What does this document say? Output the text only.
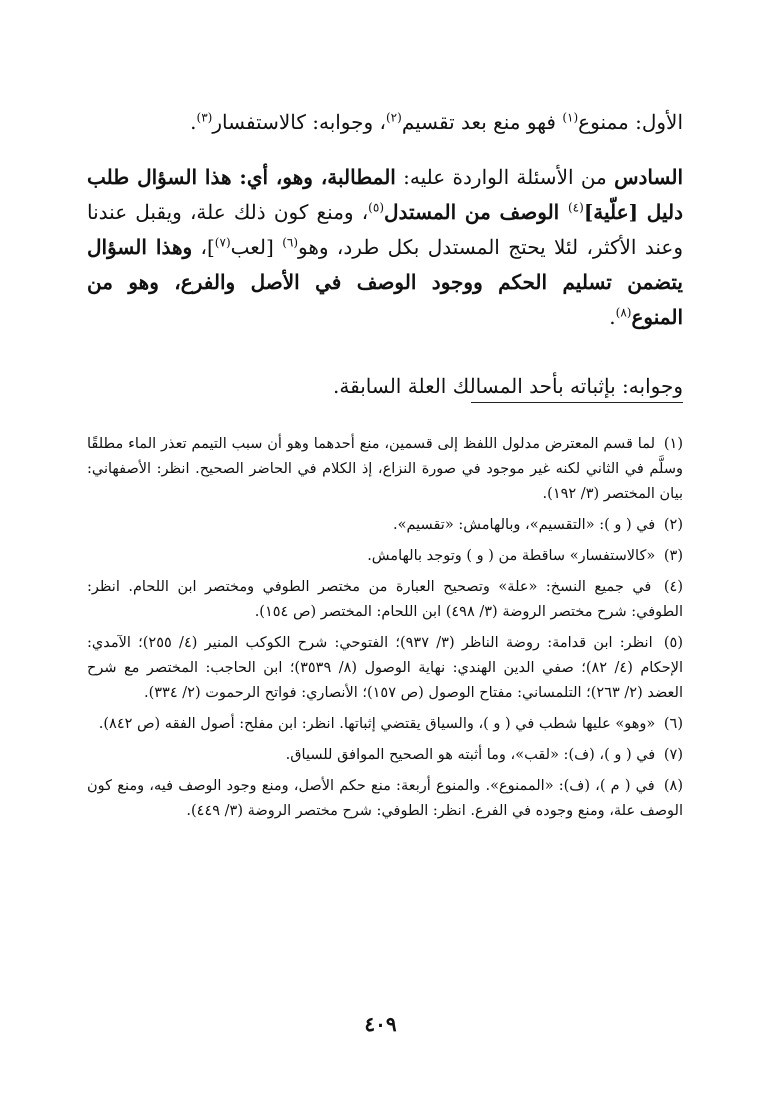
الأول: ممنوع$^{(١)}$ فهو منع بعد تقسيم$^{(٢)}$، وجوابه: كالاستفسار$^{(٣)}$.

السادس من الأسئلة الواردة عليه: المطالبة، وهو، أي: هذا السؤال طلب دليل [علّية]$^{(٤)}$ الوصف من المستدل$^{(٥)}$، ومنع كون ذلك علة، ويقبل عندنا وعند الأكثر، لئلا يحتج المستدل بكل طرد، وهو$^{(٦)}$ [لعب$^{(٧)}$]، وهذا السؤال يتضمن تسليم الحكم ووجود الوصف في الأصل والفرع، وهو من المنوع$^{(٨)}$.

وجوابه: بإثباته بأحد المسالك العلة السابقة.

(١) لما قسم المعترض مدلول اللفظ إلى قسمين، منع أحدهما وهو أن سبب التيمم تعذر الماء مطلقًا وسلَّم في الثاني لكنه غير موجود في صورة النزاع، إذ الكلام في الحاضر الصحيح. انظر: الأصفهاني: بيان المختصر (٣/ ١٩٢).

(٢) في ( و ): «التقسيم»، وبالهامش: «تقسيم».

(٣) «كالاستفسار» ساقطة من ( و ) وتوجد بالهامش.

(٤) في جميع النسخ: «علة» وتصحيح العبارة من مختصر الطوفي ومختصر ابن اللحام. انظر: الطوفي: شرح مختصر الروضة (٣/ ٤٩٨) ابن اللحام: المختصر (ص ١٥٤).

(٥) انظر: ابن قدامة: روضة الناظر (٣/ ٩٣٧)؛ الفتوحي: شرح الكوكب المنير (٤/ ٢٥٥)؛ الآمدي: الإحكام (٤/ ٨٢)؛ صفي الدين الهندي: نهاية الوصول (٨/ ٣٥٣٩)؛ ابن الحاجب: المختصر مع شرح العضد (٢/ ٢٦٣)؛ التلمساني: مفتاح الوصول (ص ١٥٧)؛ الأنصاري: فواتح الرحموت (٢/ ٣٣٤).

(٦) «وهو» عليها شطب في ( و )، والسياق يقتضي إثباتها. انظر: ابن مفلح: أصول الفقه (ص ٨٤٢).

(٧) في ( و )، (ف): «لقب»، وما أثبته هو الصحيح الموافق للسياق.

(٨) في ( م )، (ف): «الممنوع». والمنوع أربعة: منع حكم الأصل، ومنع وجود الوصف فيه، ومنع كون الوصف علة، ومنع وجوده في الفرع. انظر: الطوفي: شرح مختصر الروضة (٣/ ٤٤٩).

٤٠٩
